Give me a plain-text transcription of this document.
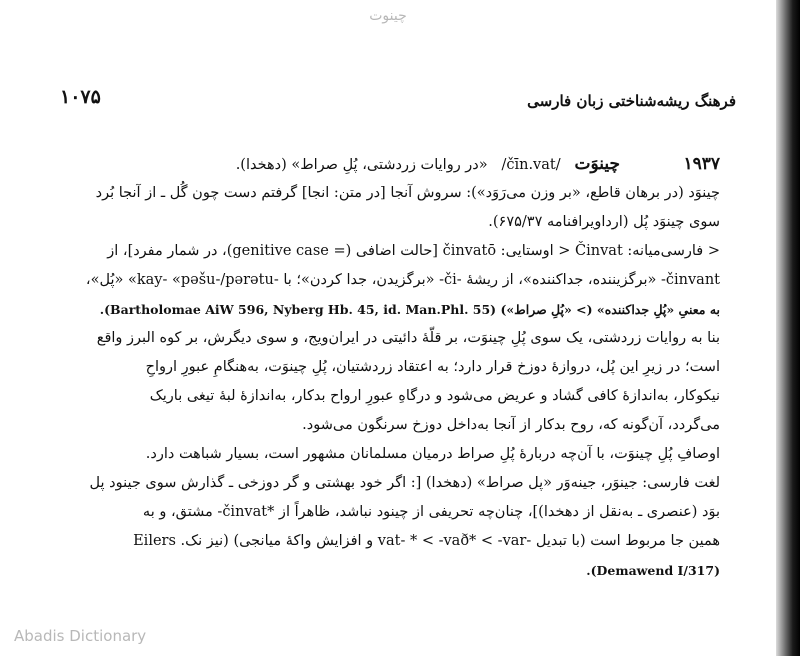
چینوت
فرهنگ ریشه‌شناختی زبان فارسی
۱۰۷۵
۱۹۳۷
چینوَت   /čīn.vat/   «در روایات زردشتی، پُلِ صراط» (دهخدا).
چینوَد (در برهان قاطع، «بر وزن می‌رَوَد»): سروش آنجا [در متن: انجا] گرفتم دست چون گُل ـ از آنجا بُرد
سوی چینوَد پُل (ارداویرافنامه ۶۷۵/۳۷).
< فارسی‌میانه: Činvat < اوستایی: činvatō [حالت اضافی (= genitive case)، در شمار مفرد]، از
činvant- «برگزیننده، جداکننده»، از ریشهٔ -či- «برگزیدن، جدا کردن»؛ با -kay- «pəšu-/pərətu» «پُل»،
به معنیِ «پُلِ جداکننده» (> «پُلِ صراط») (Bartholomae AiW 596, Nyberg Hb. 45, id. Man.Phl. 55).
بنا به روایات زردشتی، یک سوی پُلِ چینوَت، بر قلّهٔ دائیتی در ایران‌ویج، و سوی دیگرش، بر کوه البرز واقع
است؛ در زیرِ این پُل، دروازهٔ دوزخ قرار دارد؛ به اعتقاد زردشتیان، پُلِ چینوَت، به‌هنگامِ عبورِ ارواحِ
نیکوکار، به‌اندازهٔ کافی گشاد و عریض می‌شود و درگاهِ عبورِ ارواح بدکار، به‌اندازهٔ لبهٔ تیغی باریک
می‌گردد، آن‌گونه که، روح بدکار از آنجا به‌داخل دوزخ سرنگون می‌شود.
اوصافِ پُلِ چینوَت، با آن‌چه دربارهٔ پُلِ صراط درمیان مسلمانان مشهور است، بسیار شباهت دارد.
لغت فارسی: جینوَر، جینه‌وَر «پل صراط» (دهخدا) [: اگر خود بهشتی و گر دوزخی ـ گذارش سوی جینود پل
بوَد (عنصری ـ به‌نقل از دهخدا)]، چنان‌چه تحریفی از چینود نباشد، ظاهراً از *činvat- مشتق، و به
همین جا مربوط است (با تبدیل -vat- * < -vað* < -var و افزایش واکهٔ میانجی) (نیز نک. Eilers
(Demawend I/317).
Abadis Dictionary
